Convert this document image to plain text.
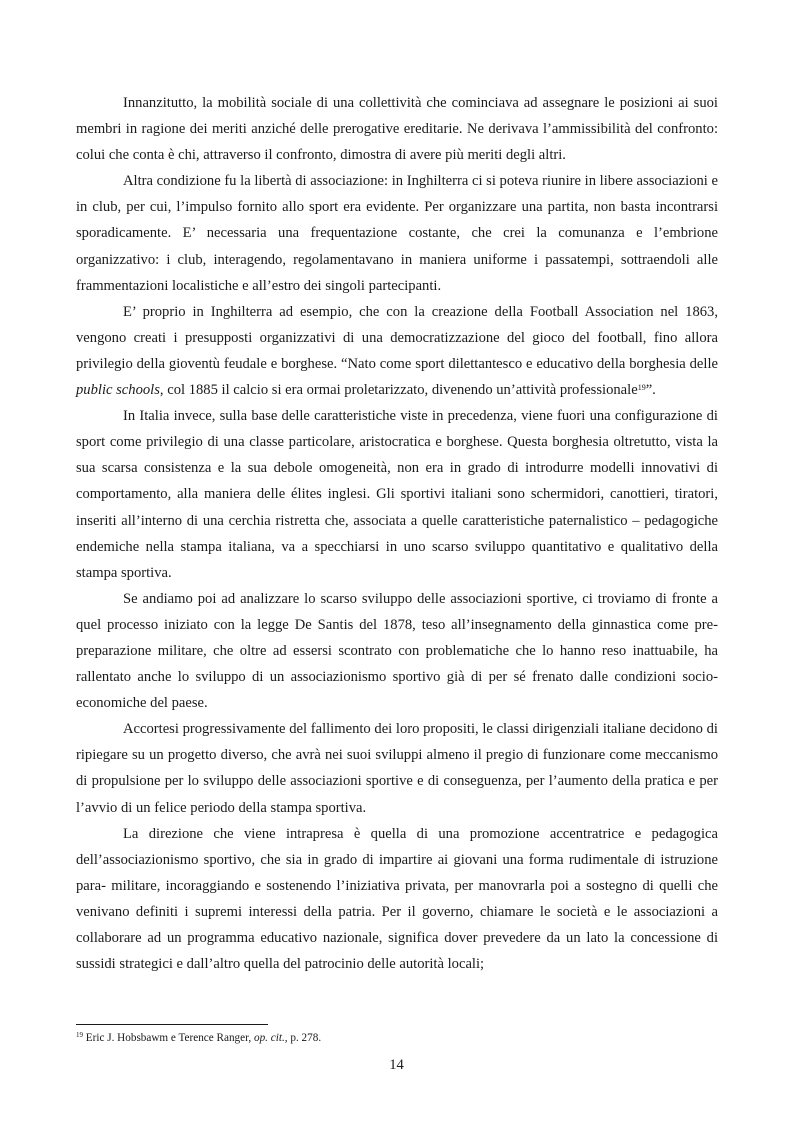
Innanzitutto, la mobilità sociale di una collettività che cominciava ad assegnare le posizioni ai suoi membri in ragione dei meriti anziché delle prerogative ereditarie. Ne derivava l’ammissibilità del confronto: colui che conta è chi, attraverso il confronto, dimostra di avere più meriti degli altri.

Altra condizione fu la libertà di associazione: in Inghilterra ci si poteva riunire in libere associazioni e in club, per cui, l’impulso fornito allo sport era evidente. Per organizzare una partita, non basta incontrarsi sporadicamente. E’ necessaria una frequentazione costante, che crei la comunanza e l’embrione organizzativo: i club, interagendo, regolamentavano in maniera uniforme i passatempi, sottraendoli alle frammentazioni localistiche e all’estro dei singoli partecipanti.

E’ proprio in Inghilterra ad esempio, che con la creazione della Football Association nel 1863, vengono creati i presupposti organizzativi di una democratizzazione del gioco del football, fino allora privilegio della gioventù feudale e borghese. “Nato come sport dilettantesco e educativo della borghesia delle public schools, col 1885 il calcio si era ormai proletarizzato, divenendo un’attività professionale$^{19}$”.

In Italia invece, sulla base delle caratteristiche viste in precedenza, viene fuori una configurazione di sport come privilegio di una classe particolare, aristocratica e borghese. Questa borghesia oltretutto, vista la sua scarsa consistenza e la sua debole omogeneità, non era in grado di introdurre modelli innovativi di comportamento, alla maniera delle élites inglesi. Gli sportivi italiani sono schermidori, canottieri, tiratori, inseriti all’interno di una cerchia ristretta che, associata a quelle caratteristiche paternalistico – pedagogiche endemiche nella stampa italiana, va a specchiarsi in uno scarso sviluppo quantitativo e qualitativo della stampa sportiva.

Se andiamo poi ad analizzare lo scarso sviluppo delle associazioni sportive, ci troviamo di fronte a quel processo iniziato con la legge De Santis del 1878, teso all’insegnamento della ginnastica come pre- preparazione militare, che oltre ad essersi scontrato con problematiche che lo hanno reso inattuabile, ha rallentato anche lo sviluppo di un associazionismo sportivo già di per sé frenato dalle condizioni socio- economiche del paese.

Accortesi progressivamente del fallimento dei loro propositi, le classi dirigenziali italiane decidono di ripiegare su un progetto diverso, che avrà nei suoi sviluppi almeno il pregio di funzionare come meccanismo di propulsione per lo sviluppo delle associazioni sportive e di conseguenza, per l’aumento della pratica e per l’avvio di un felice periodo della stampa sportiva.

La direzione che viene intrapresa è quella di una promozione accentratrice e pedagogica dell’associazionismo sportivo, che sia in grado di impartire ai giovani una forma rudimentale di istruzione para- militare, incoraggiando e sostenendo l’iniziativa privata, per manovrarla poi a sostegno di quelli che venivano definiti i supremi interessi della patria. Per il governo, chiamare le società e le associazioni a collaborare ad un programma educativo nazionale, significa dover prevedere da un lato la concessione di sussidi strategici e dall’altro quella del patrocinio delle autorità locali;

$^{19}$ Eric J. Hobsbawm e Terence Ranger, op. cit., p. 278.
14
